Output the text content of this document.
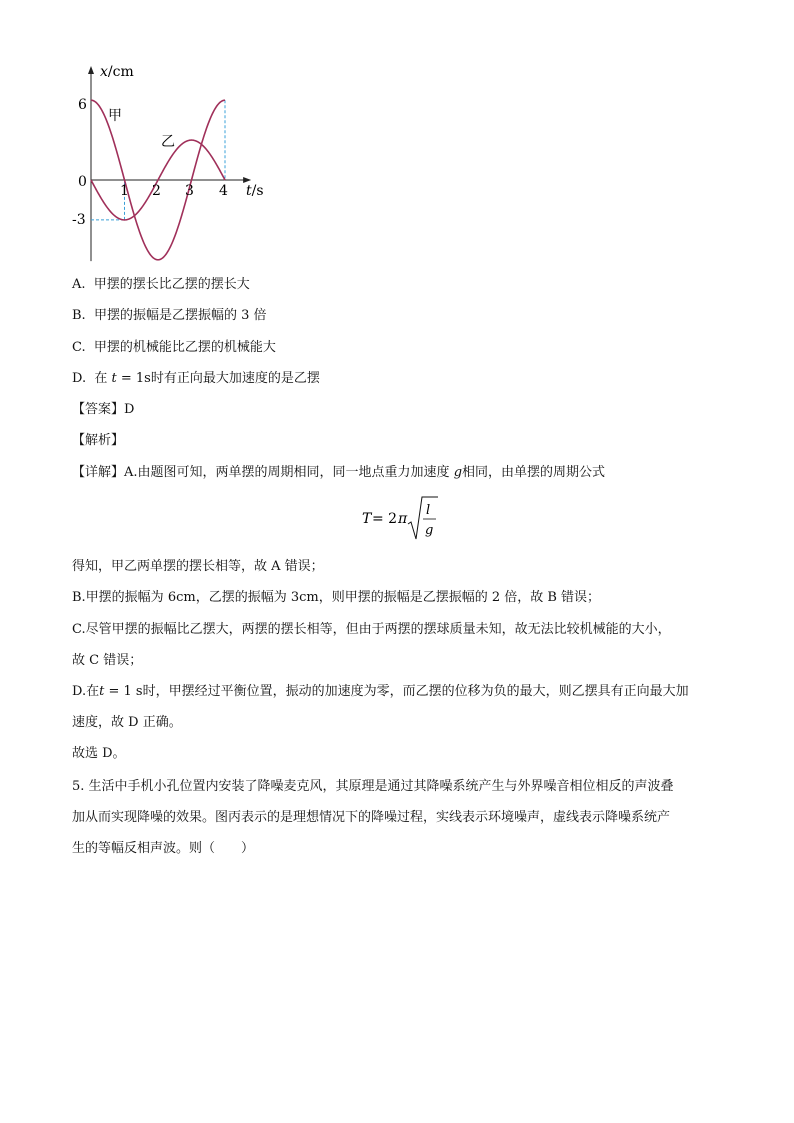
x/cm
t/s
0
6
-3
1 2 3 4
甲
乙
A. 甲摆的摆长比乙摆的摆长大
B. 甲摆的振幅是乙摆振幅的 3 倍
C. 甲摆的机械能比乙摆的机械能大
D. 在 t = 1s时有正向最大加速度的是乙摆
【答案】D
【解析】
【详解】A.由题图可知，两单摆的周期相同，同一地点重力加速度 g相同，由单摆的周期公式
T = 2 π
l
g
得知，甲乙两单摆的摆长相等，故 A 错误；
B.甲摆的振幅为 6cm，乙摆的振幅为 3cm，则甲摆的振幅是乙摆振幅的 2 倍，故 B 错误；
C.尽管甲摆的振幅比乙摆大，两摆的摆长相等，但由于两摆的摆球质量未知，故无法比较机械能的大小，
故 C 错误；
D.在t = 1 s时，甲摆经过平衡位置，振动的加速度为零，而乙摆的位移为负的最大，则乙摆具有正向最大加
速度，故 D 正确。
故选 D。
5. 生活中手机小孔位置内安装了降噪麦克风，其原理是通过其降噪系统产生与外界噪音相位相反的声波叠
加从而实现降噪的效果。图丙表示的是理想情况下的降噪过程，实线表示环境噪声，虚线表示降噪系统产
生的等幅反相声波。则（　　）
